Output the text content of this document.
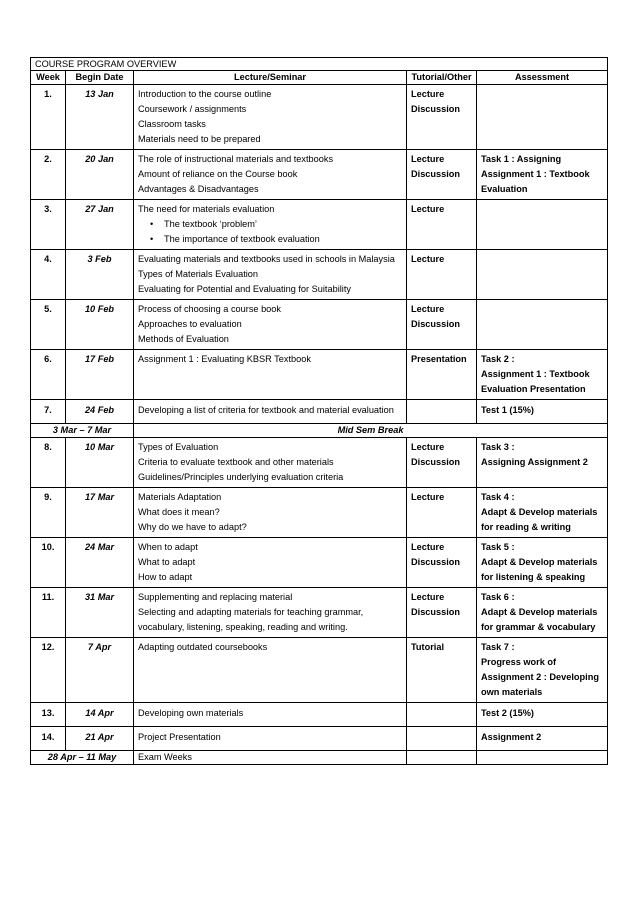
COURSE PROGRAM OVERVIEW				
Week	Begin Date	Lecture/Seminar	Tutorial/Other	Assessment
1.	13 Jan	Introduction to the course outline
Coursework / assignments
Classroom tasks
Materials need to be prepared	Lecture
Discussion	

2.	20 Jan	The role of instructional materials and textbooks
Amount of reliance on the Course book
Advantages & Disadvantages	Lecture
Discussion	Task 1 : Assigning
Assignment 1 : Textbook
Evaluation

3.	27 Jan	The need for materials evaluation
• The textbook ‘problem’
• The importance of textbook evaluation	Lecture	

4.	3 Feb	Evaluating materials and textbooks used in schools in Malaysia
Types of Materials Evaluation
Evaluating for Potential and Evaluating for Suitability	Lecture	

5.	10 Feb	Process of choosing a course book
Approaches to evaluation
Methods of Evaluation	Lecture
Discussion	

6.	17 Feb	Assignment 1 : Evaluating KBSR Textbook	Presentation	Task 2 :
Assignment 1 : Textbook
Evaluation Presentation

7.	24 Feb	Developing a list of criteria for textbook and material evaluation		Test 1 (15%)

3 Mar – 7 Mar		Mid Sem Break		
8.	10 Mar	Types of Evaluation
Criteria to evaluate textbook and other materials
Guidelines/Principles underlying evaluation criteria	Lecture
Discussion	Task 3 :
Assigning Assignment 2

9.	17 Mar	Materials Adaptation
What does it mean?
Why do we have to adapt?	Lecture	Task 4 :
Adapt & Develop materials
for reading & writing

10.	24 Mar	When to adapt
What to adapt
How to adapt	Lecture
Discussion	Task 5 :
Adapt & Develop materials
for listening & speaking

11.	31 Mar	Supplementing and replacing material
Selecting and adapting materials for teaching grammar,
vocabulary, listening, speaking, reading and writing.	Lecture
Discussion	Task 6 :
Adapt & Develop materials
for grammar & vocabulary

12.	7 Apr	Adapting outdated coursebooks	Tutorial	Task 7 :
Progress work of
Assignment 2 : Developing
own materials

13.	14 Apr	Developing own materials		Test 2 (15%)

14.	21 Apr	Project Presentation		Assignment 2

28 Apr – 11 May		Exam Weeks		
